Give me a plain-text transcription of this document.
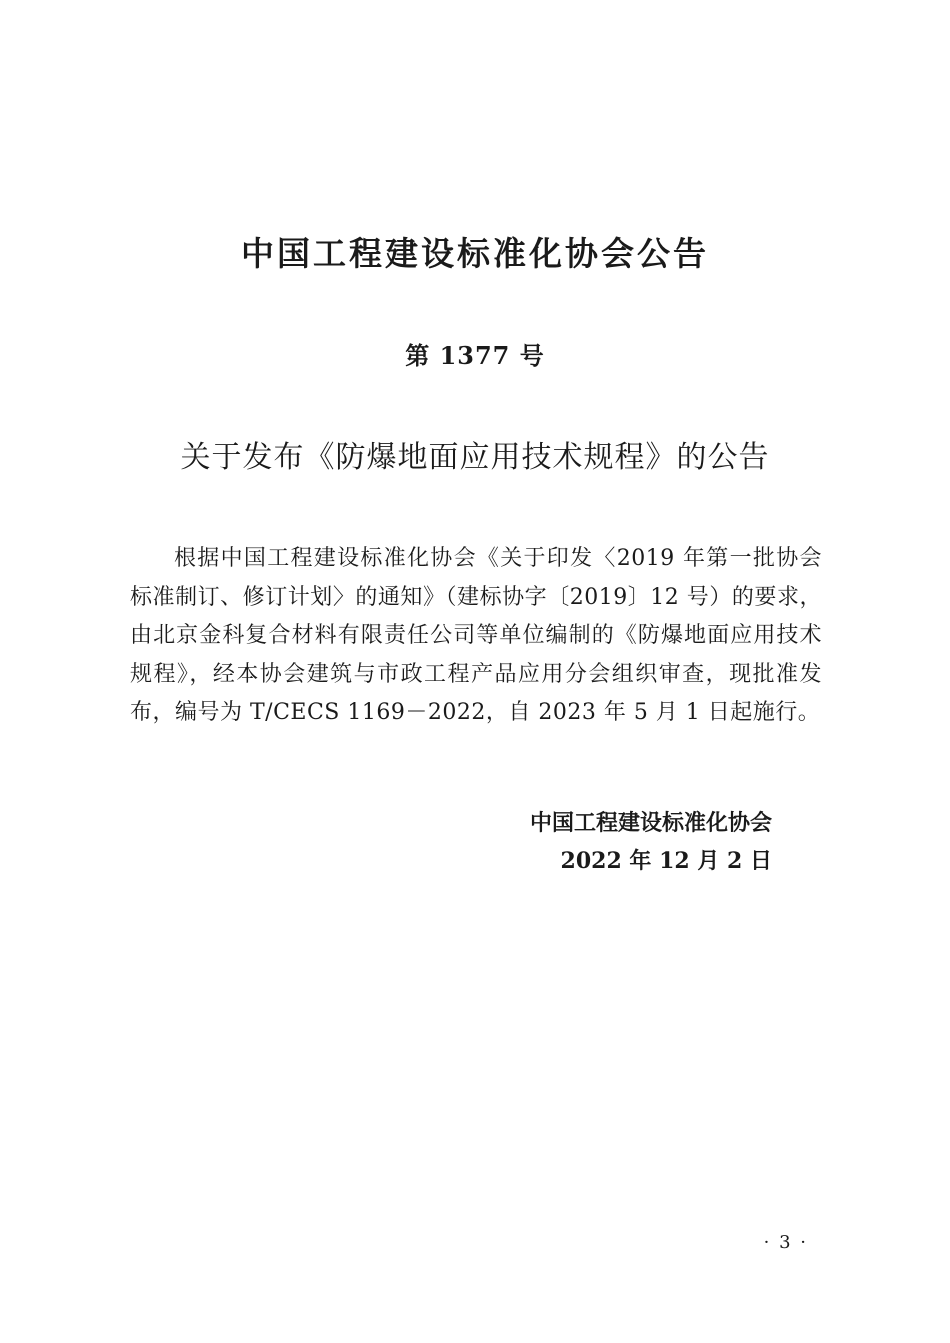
中国工程建设标准化协会公告
第 1377 号
关于发布《防爆地面应用技术规程》的公告
根据中国工程建设标准化协会《关于印发〈2019 年第一批协会标准制订、修订计划〉的通知》（建标协字〔2019〕12 号）的要求，由北京金科复合材料有限责任公司等单位编制的《防爆地面应用技术规程》，经本协会建筑与市政工程产品应用分会组织审查，现批准发布，编号为 T/CECS 1169－2022，自 2023 年 5 月 1 日起施行。
中国工程建设标准化协会
2022 年 12 月 2 日
· 3 ·
